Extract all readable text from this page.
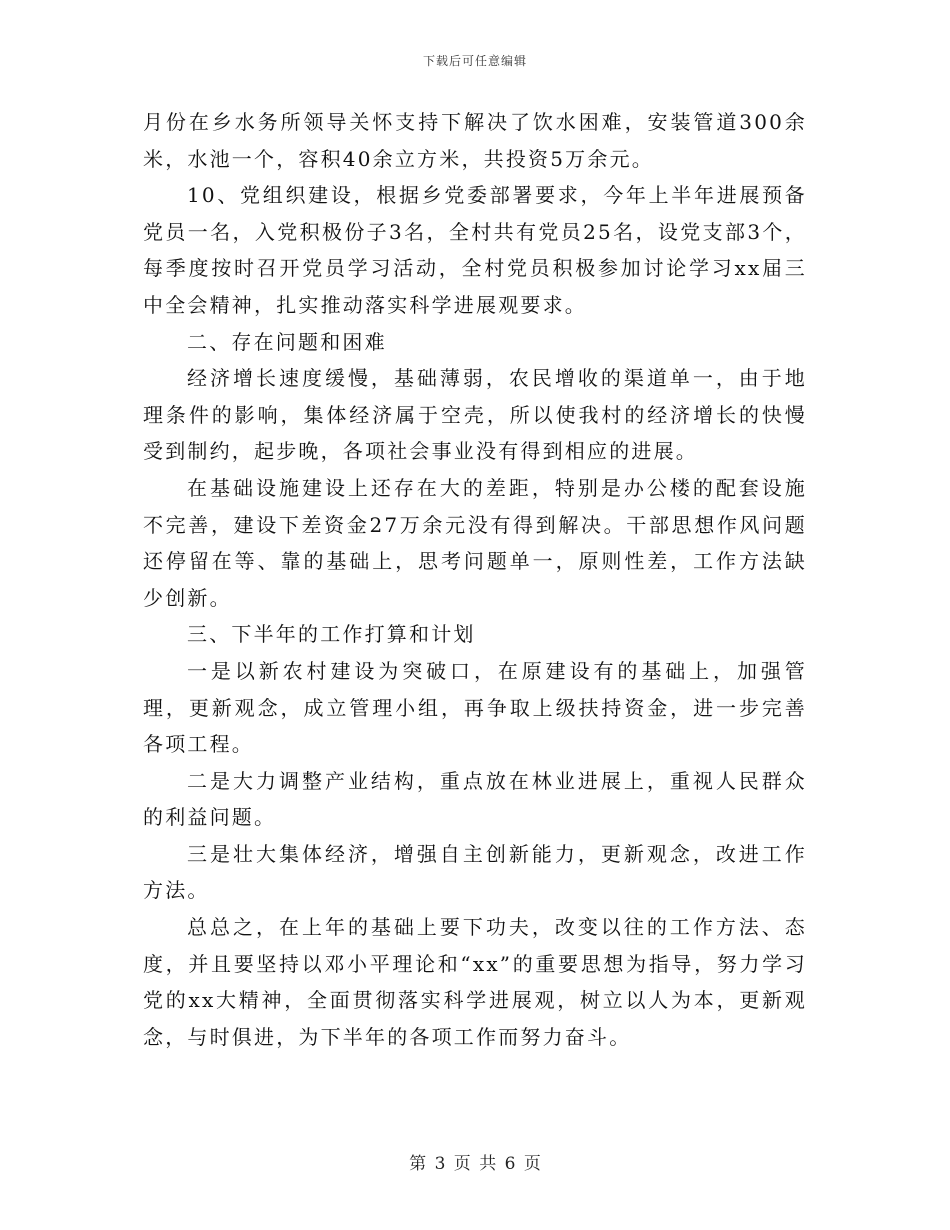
下载后可任意编辑

月份在乡水务所领导关怀支持下解决了饮水困难，安装管道300余米，水池一个，容积40余立方米，共投资5万余元。

10、党组织建设，根据乡党委部署要求，今年上半年进展预备党员一名，入党积极份子3名，全村共有党员25名，设党支部3个，每季度按时召开党员学习活动，全村党员积极参加讨论学习xx届三中全会精神，扎实推动落实科学进展观要求。

二、存在问题和困难

经济增长速度缓慢，基础薄弱，农民增收的渠道单一，由于地理条件的影响，集体经济属于空壳，所以使我村的经济增长的快慢受到制约，起步晚，各项社会事业没有得到相应的进展。

在基础设施建设上还存在大的差距，特别是办公楼的配套设施不完善，建设下差资金27万余元没有得到解决。干部思想作风问题还停留在等、靠的基础上，思考问题单一，原则性差，工作方法缺少创新。

三、下半年的工作打算和计划

一是以新农村建设为突破口，在原建设有的基础上，加强管理，更新观念，成立管理小组，再争取上级扶持资金，进一步完善各项工程。

二是大力调整产业结构，重点放在林业进展上，重视人民群众的利益问题。

三是壮大集体经济，增强自主创新能力，更新观念，改进工作方法。

总总之，在上年的基础上要下功夫，改变以往的工作方法、态度，并且要坚持以邓小平理论和“xx”的重要思想为指导，努力学习党的xx大精神，全面贯彻落实科学进展观，树立以人为本，更新观念，与时俱进，为下半年的各项工作而努力奋斗。

第 3 页 共 6 页
